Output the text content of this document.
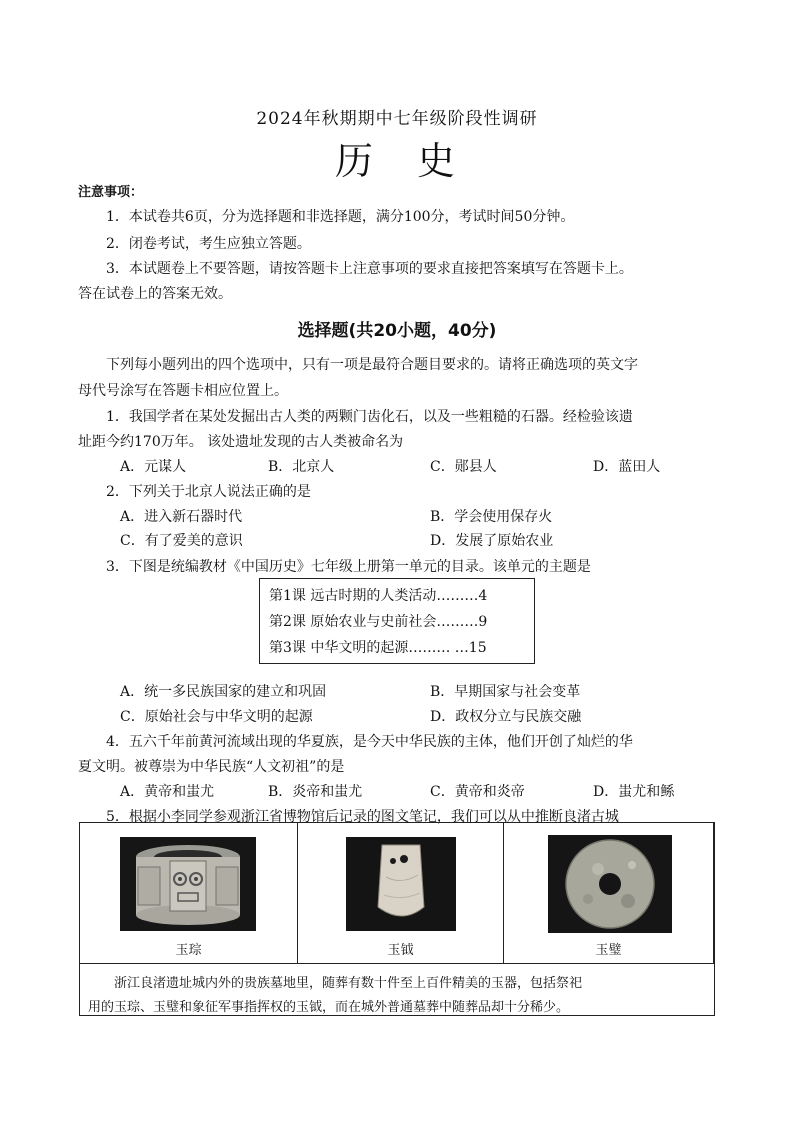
2024年秋期期中七年级阶段性调研
历 史
注意事项：
1．本试卷共6页，分为选择题和非选择题，满分100分，考试时间50分钟。
2．闭卷考试，考生应独立答题。
3．本试题卷上不要答题，请按答题卡上注意事项的要求直接把答案填写在答题卡上。
答在试卷上的答案无效。
选择题(共20小题，40分)
下列每小题列出的四个选项中，只有一项是最符合题目要求的。请将正确选项的英文字
母代号涂写在答题卡相应位置上。
1．我国学者在某处发掘出古人类的两颗门齿化石，以及一些粗糙的石器。经检验该遗
址距今约170万年。 该处遗址发现的古人类被命名为
A．元谋人	B．北京人	C．郧县人	D．蓝田人
2．下列关于北京人说法正确的是
A．进入新石器时代	B．学会使用保存火
C．有了爱美的意识	D．发展了原始农业
3．下图是统编教材《中国历史》七年级上册第一单元的目录。该单元的主题是
第1课 远古时期的人类活动………4
第2课 原始农业与史前社会………9
第3课 中华文明的起源……… …15
A．统一多民族国家的建立和巩固	B．早期国家与社会变革
C．原始社会与中华文明的起源	D．政权分立与民族交融
4．五六千年前黄河流域出现的华夏族，是今天中华民族的主体，他们开创了灿烂的华
夏文明。被尊崇为中华民族“人文初祖”的是
A．黄帝和蚩尤	B．炎帝和蚩尤	C．黄帝和炎帝	D．蚩尤和鲧
5．根据小李同学参观浙江省博物馆后记录的图文笔记，我们可以从中推断良渚古城
玉琮	玉钺	玉璧
浙江良渚遗址城内外的贵族墓地里，随葬有数十件至上百件精美的玉器，包括祭祀
用的玉琮、玉璧和象征军事指挥权的玉钺，而在城外普通墓葬中随葬品却十分稀少。
